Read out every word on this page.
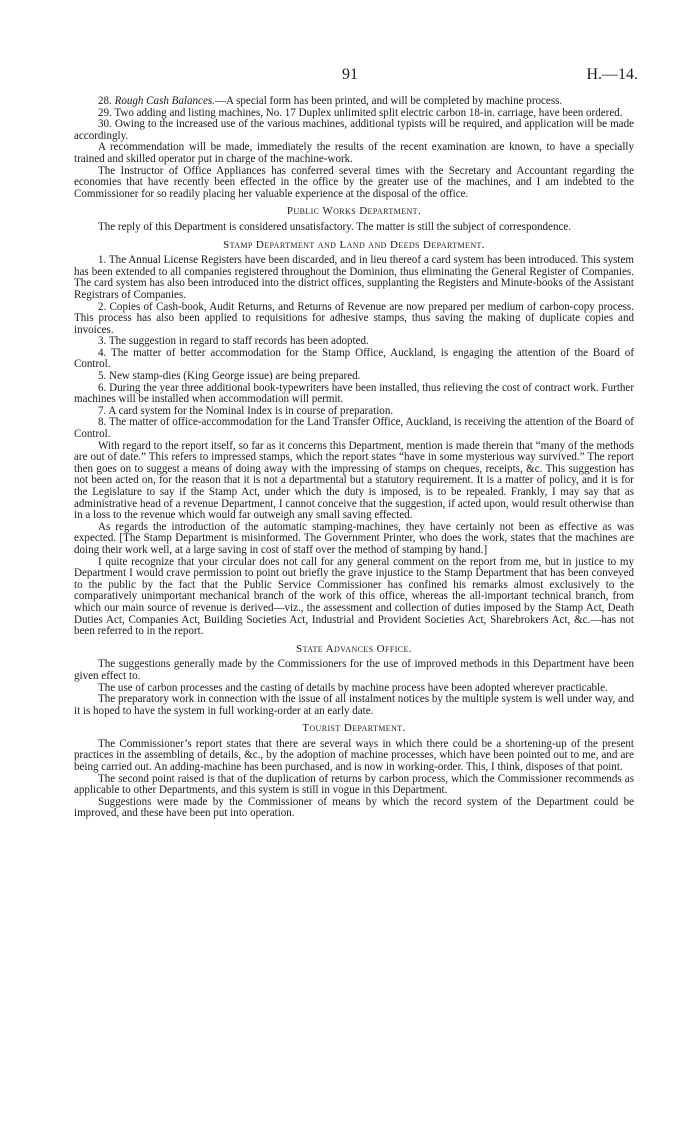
91	H.—14.

28. Rough Cash Balances.—A special form has been printed, and will be completed by machine process.

29. Two adding and listing machines, No. 17 Duplex unlimited split electric carbon 18-in. carriage, have been ordered.

30. Owing to the increased use of the various machines, additional typists will be required, and application will be made accordingly.

A recommendation will be made, immediately the results of the recent examination are known, to have a specially trained and skilled operator put in charge of the machine-work.

The Instructor of Office Appliances has conferred several times with the Secretary and Accountant regarding the economies that have recently been effected in the office by the greater use of the machines, and I am indebted to the Commissioner for so readily placing her valuable experience at the disposal of the office.

Public Works Department.

The reply of this Department is considered unsatisfactory. The matter is still the subject of correspondence.

Stamp Department and Land and Deeds Department.

1. The Annual License Registers have been discarded, and in lieu thereof a card system has been introduced. This system has been extended to all companies registered throughout the Dominion, thus eliminating the General Register of Companies. The card system has also been introduced into the district offices, supplanting the Registers and Minute-books of the Assistant Registrars of Companies.

2. Copies of Cash-book, Audit Returns, and Returns of Revenue are now prepared per medium of carbon-copy process. This process has also been applied to requisitions for adhesive stamps, thus saving the making of duplicate copies and invoices.

3. The suggestion in regard to staff records has been adopted.

4. The matter of better accommodation for the Stamp Office, Auckland, is engaging the attention of the Board of Control.

5. New stamp-dies (King George issue) are being prepared.

6. During the year three additional book-typewriters have been installed, thus relieving the cost of contract work. Further machines will be installed when accommodation will permit.

7. A card system for the Nominal Index is in course of preparation.

8. The matter of office-accommodation for the Land Transfer Office, Auckland, is receiving the attention of the Board of Control.

With regard to the report itself, so far as it concerns this Department, mention is made therein that “many of the methods are out of date.” This refers to impressed stamps, which the report states “have in some mysterious way survived.” The report then goes on to suggest a means of doing away with the impressing of stamps on cheques, receipts, &c. This suggestion has not been acted on, for the reason that it is not a departmental but a statutory requirement. It is a matter of policy, and it is for the Legislature to say if the Stamp Act, under which the duty is imposed, is to be repealed. Frankly, I may say that as administrative head of a revenue Department, I cannot conceive that the suggestion, if acted upon, would result otherwise than in a loss to the revenue which would far outweigh any small saving effected.

As regards the introduction of the automatic stamping-machines, they have certainly not been as effective as was expected. [The Stamp Department is misinformed. The Government Printer, who does the work, states that the machines are doing their work well, at a large saving in cost of staff over the method of stamping by hand.]

I quite recognize that your circular does not call for any general comment on the report from me, but in justice to my Department I would crave permission to point out briefly the grave injustice to the Stamp Department that has been conveyed to the public by the fact that the Public Service Commissioner has confined his remarks almost exclusively to the comparatively unimportant mechanical branch of the work of this office, whereas the all-important technical branch, from which our main source of revenue is derived—viz., the assessment and collection of duties imposed by the Stamp Act, Death Duties Act, Companies Act, Building Societies Act, Industrial and Provident Societies Act, Sharebrokers Act, &c.—has not been referred to in the report.

State Advances Office.

The suggestions generally made by the Commissioners for the use of improved methods in this Department have been given effect to.

The use of carbon processes and the casting of details by machine process have been adopted wherever practicable.

The preparatory work in connection with the issue of all instalment notices by the multiple system is well under way, and it is hoped to have the system in full working-order at an early date.

Tourist Department.

The Commissioner’s report states that there are several ways in which there could be a shortening-up of the present practices in the assembling of details, &c., by the adoption of machine processes, which have been pointed out to me, and are being carried out. An adding-machine has been purchased, and is now in working-order. This, I think, disposes of that point.

The second point raised is that of the duplication of returns by carbon process, which the Commissioner recommends as applicable to other Departments, and this system is still in vogue in this Department.

Suggestions were made by the Commissioner of means by which the record system of the Department could be improved, and these have been put into operation.
